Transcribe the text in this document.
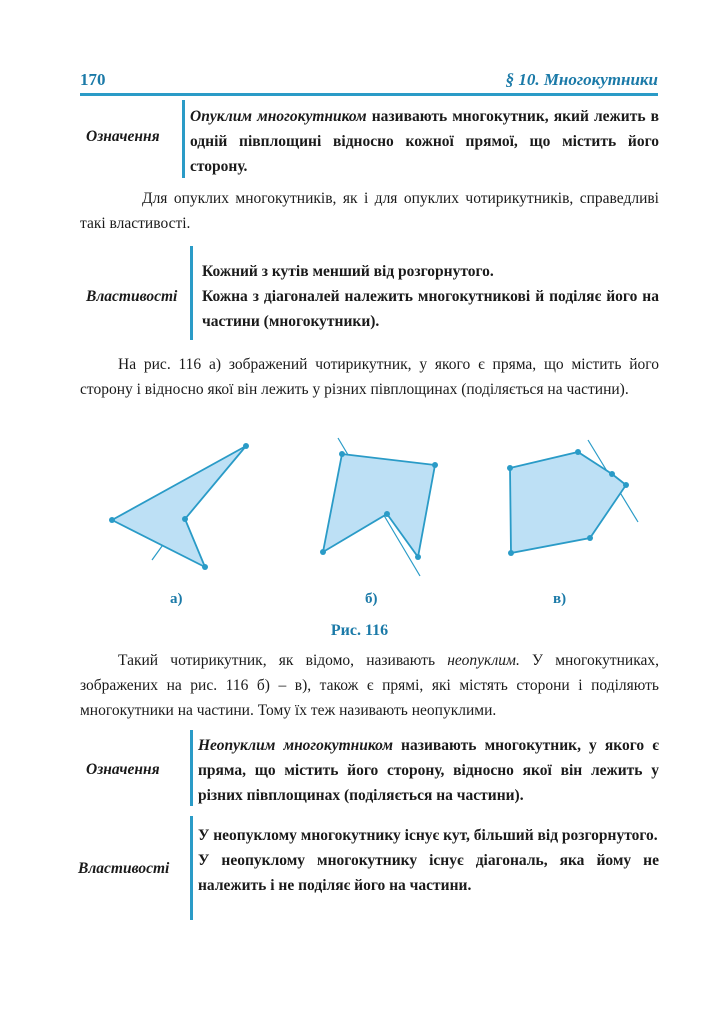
170	§ 10. Многокутники
Означення
Опуклим многокутником називають многокутник, який лежить в одній півплощині відносно кожної прямої, що містить його сторону.

Для опуклих многокутників, як і для опуклих чотирикутників, справедливі такі властивості.

Властивості

Кожний з кутів менший від розгорнутого.

Кожна з діагоналей належить многокутникові й поділяє його на частини (многокутники).

На рис. 116 а) зображений чотирикутник, у якого є пряма, що містить його сторону і відносно якої він лежить у різних півплощинах (поділяється на частини).

а)	б)	в)
Рис. 116

Такий чотирикутник, як відомо, називають неопуклим. У многокутниках, зображених на рис. 116 б) – в), також є прямі, які містять сторони і поділяють многокутники на частини. Тому їх теж називають неопуклими.

Означення
Неопуклим многокутником називають многокутник, у якого є пряма, що містить його сторону, відносно якої він лежить у різних півплощинах (поділяється на частини).
Властивості

У неопуклому многокутнику існує кут, більший від розгорнутого.

У неопуклому многокутнику існує діагональ, яка йому не належить і не поділяє його на частини.
